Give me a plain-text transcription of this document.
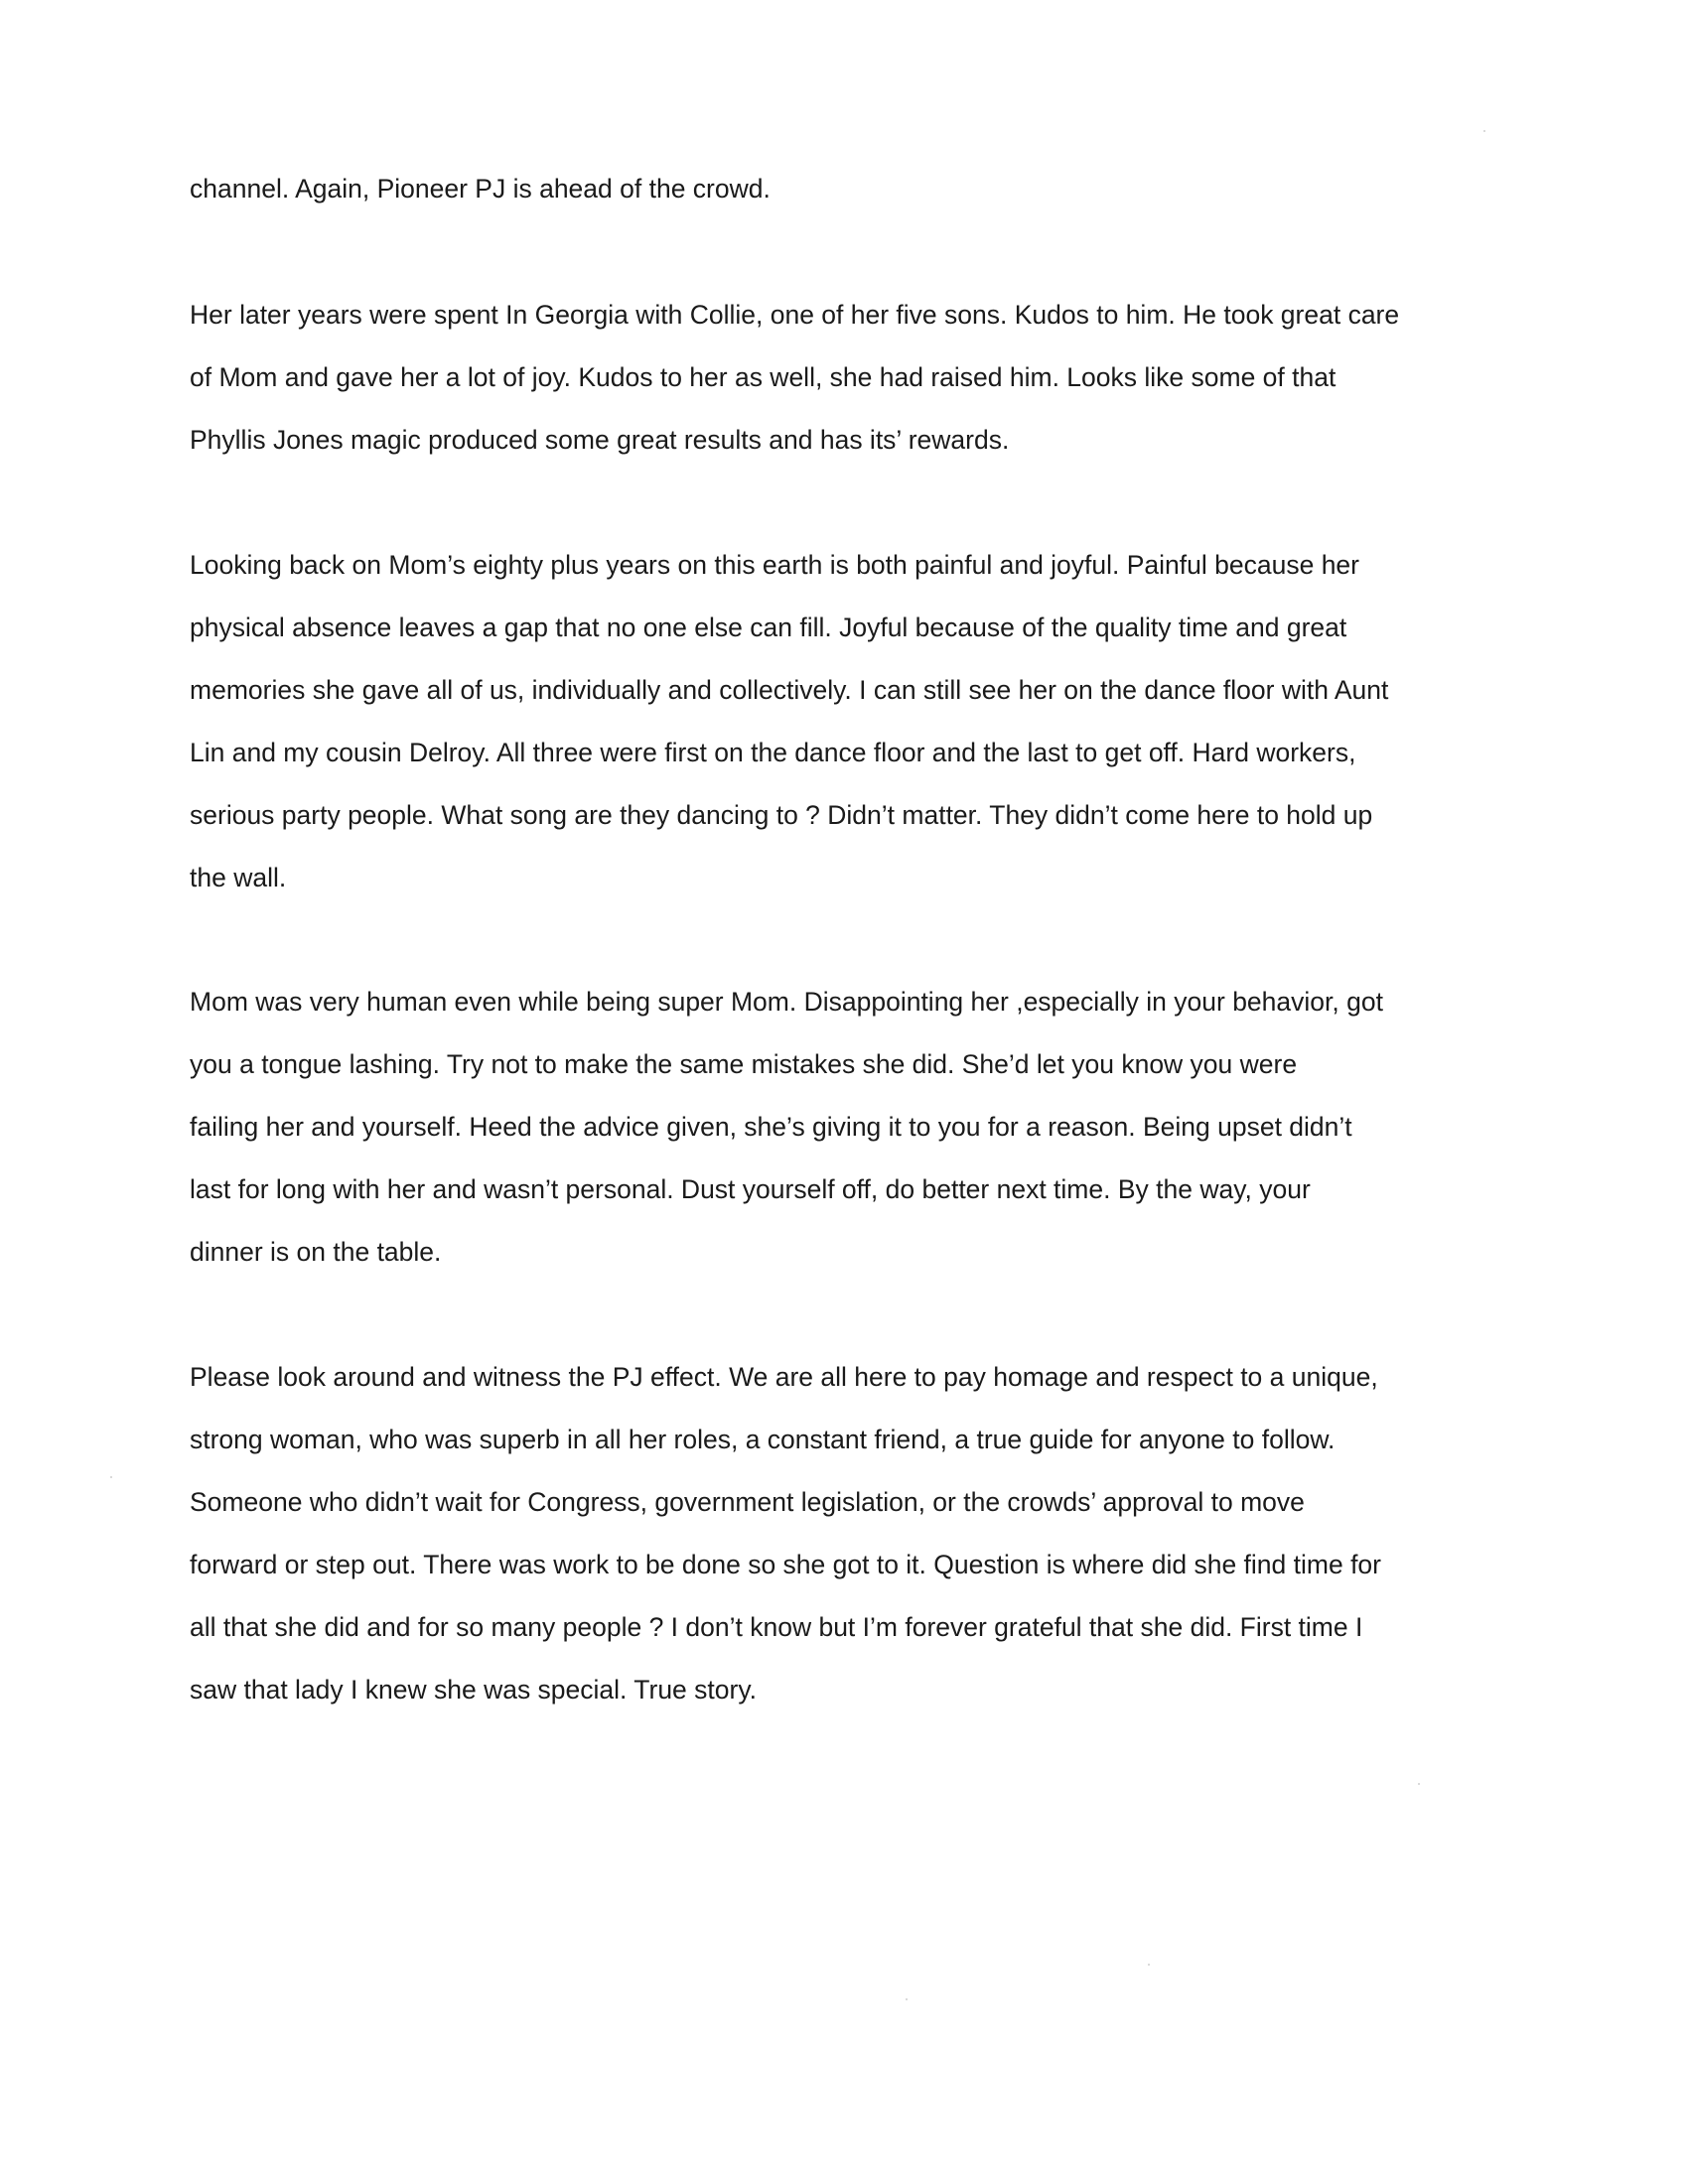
channel. Again, Pioneer PJ is ahead of the crowd.

Her later years were spent In Georgia with Collie, one of her five sons. Kudos to him. He took great care
of Mom and gave her a lot of joy. Kudos to her as well, she had raised him. Looks like some of that
Phyllis Jones magic produced some great results and has its’ rewards.

Looking back on Mom’s eighty plus years on this earth is both painful and joyful. Painful because her
physical absence leaves a gap that no one else can fill. Joyful because of the quality time and great
memories she gave all of us, individually and collectively. I can still see her on the dance floor with Aunt
Lin and my cousin Delroy. All three were first on the dance floor and the last to get off. Hard workers,
serious party people. What song are they dancing to ? Didn’t matter. They didn’t come here to hold up
the wall.

Mom was very human even while being super Mom. Disappointing her ,especially in your behavior, got
you a tongue lashing. Try not to make the same mistakes she did. She’d let you know you were
failing her and yourself. Heed the advice given, she’s giving it to you for a reason. Being upset didn’t
last for long with her and wasn’t personal. Dust yourself off, do better next time. By the way, your
dinner is on the table.

Please look around and witness the PJ effect. We are all here to pay homage and respect to a unique,
strong woman, who was superb in all her roles, a constant friend, a true guide for anyone to follow.
Someone who didn’t wait for Congress, government legislation, or the crowds’ approval to move
forward or step out. There was work to be done so she got to it. Question is where did she find time for
all that she did and for so many people ? I don’t know but I’m forever grateful that she did. First time I
saw that lady I knew she was special. True story.
